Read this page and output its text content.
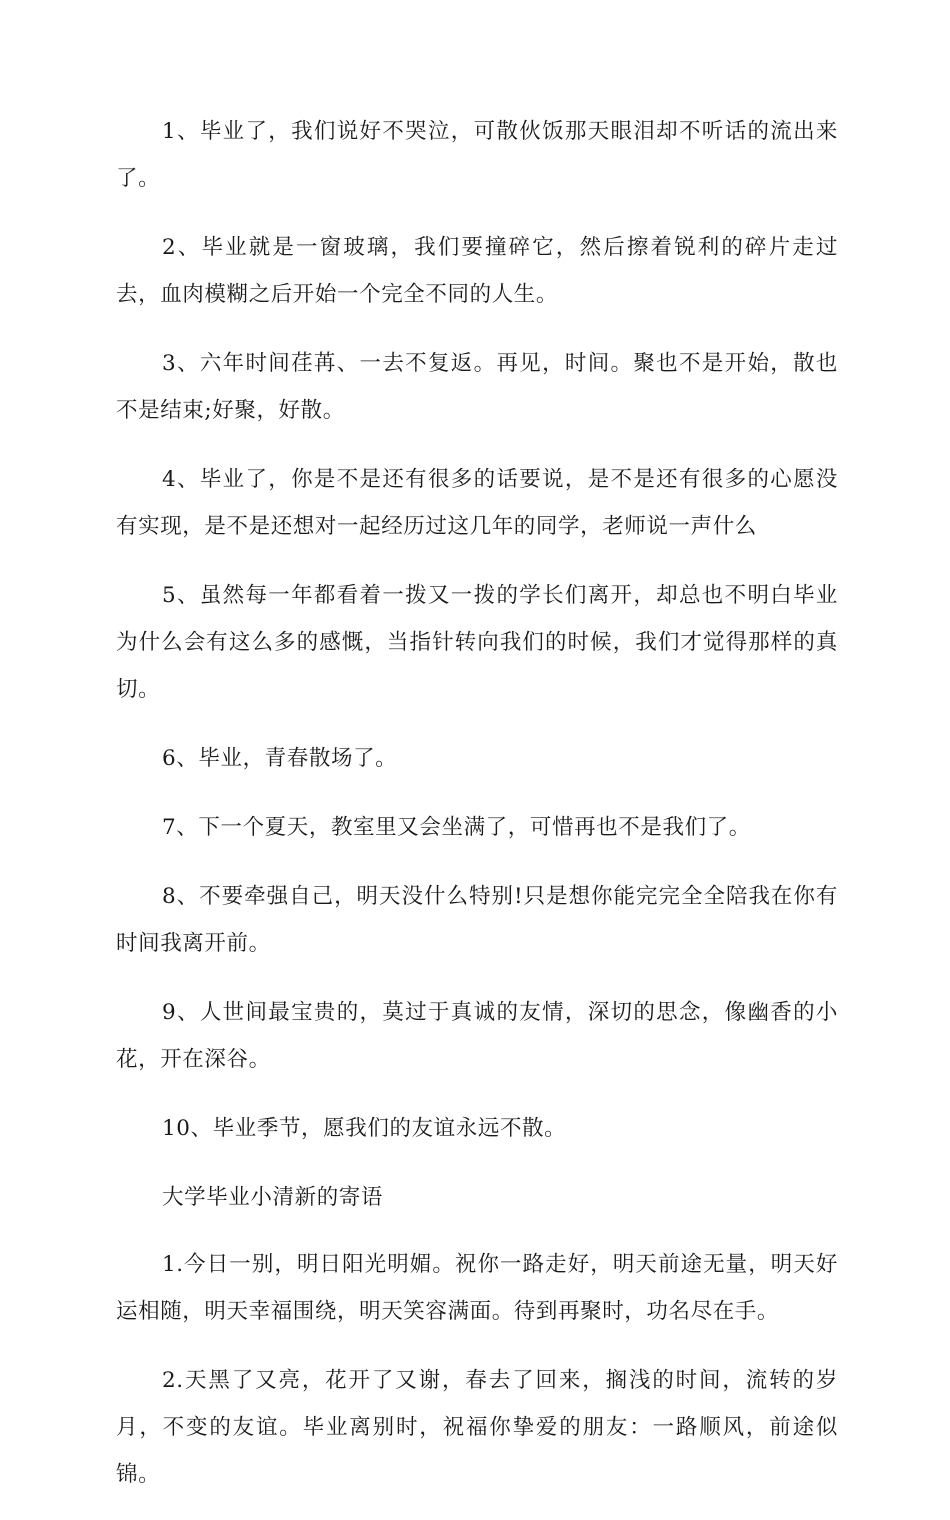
1、毕业了，我们说好不哭泣，可散伙饭那天眼泪却不听话的流出来了。

2、毕业就是一窗玻璃，我们要撞碎它，然后擦着锐利的碎片走过去，血肉模糊之后开始一个完全不同的人生。

3、六年时间荏苒、一去不复返。再见，时间。聚也不是开始，散也不是结束;好聚，好散。

4、毕业了，你是不是还有很多的话要说，是不是还有很多的心愿没有实现，是不是还想对一起经历过这几年的同学，老师说一声什么

5、虽然每一年都看着一拨又一拨的学长们离开，却总也不明白毕业为什么会有这么多的感慨，当指针转向我们的时候，我们才觉得那样的真切。

6、毕业，青春散场了。

7、下一个夏天，教室里又会坐满了，可惜再也不是我们了。

8、不要牵强自己，明天没什么特别!只是想你能完完全全陪我在你有时间我离开前。

9、人世间最宝贵的，莫过于真诚的友情，深切的思念，像幽香的小花，开在深谷。

10、毕业季节，愿我们的友谊永远不散。

大学毕业小清新的寄语

1.今日一别，明日阳光明媚。祝你一路走好，明天前途无量，明天好运相随，明天幸福围绕，明天笑容满面。待到再聚时，功名尽在手。

2.天黑了又亮，花开了又谢，春去了回来，搁浅的时间，流转的岁月，不变的友谊。毕业离别时，祝福你挚爱的朋友：一路顺风，前途似锦。
